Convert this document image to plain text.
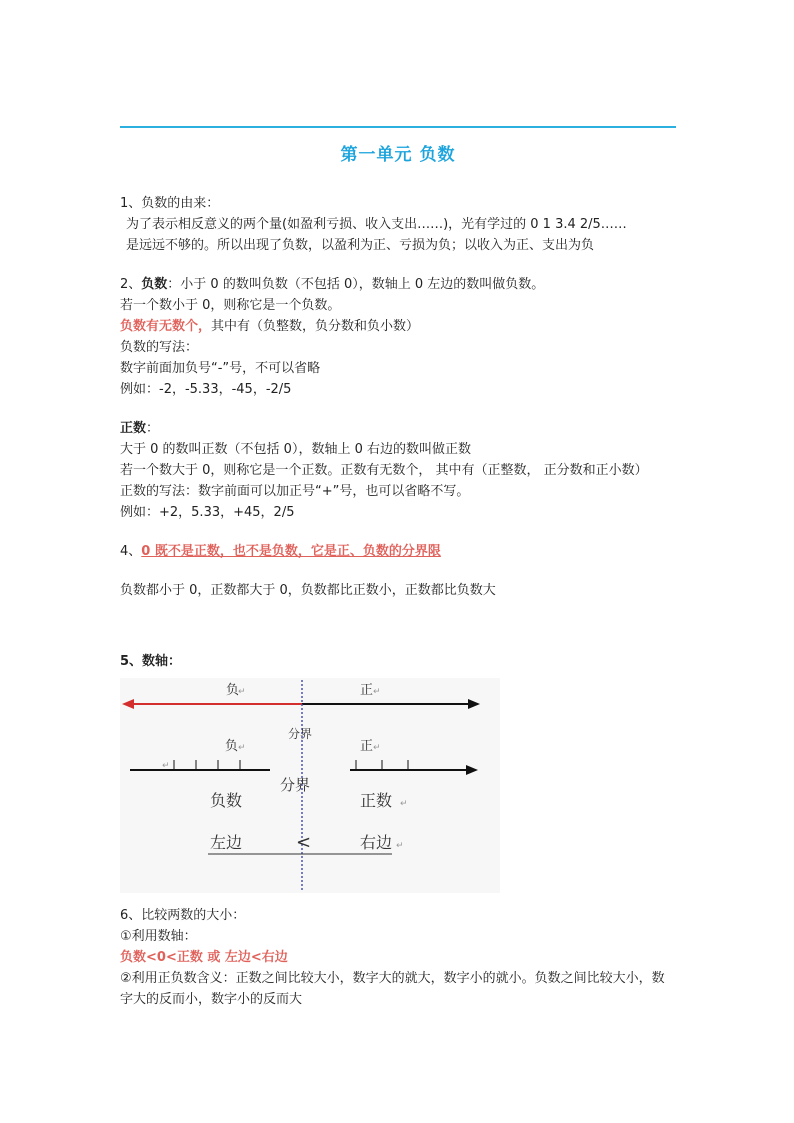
第一单元 负数
1、负数的由来：
为了表示相反意义的两个量(如盈利亏损、收入支出……)，光有学过的 0 1 3.4 2/5……
是远远不够的。所以出现了负数，以盈利为正、亏损为负；以收入为正、支出为负
2、负数：小于 0 的数叫负数（不包括 0），数轴上 0 左边的数叫做负数。
若一个数小于 0，则称它是一个负数。
负数有无数个，其中有（负整数，负分数和负小数）
负数的写法：
数字前面加负号“-”号，不可以省略
例如：-2，-5.33，-45，-2/5
正数：
大于 0 的数叫正数（不包括 0），数轴上 0 右边的数叫做正数
若一个数大于 0，则称它是一个正数。正数有无数个， 其中有（正整数， 正分数和正小数）
正数的写法：数字前面可以加正号“+”号，也可以省略不写。
例如：+2，5.33，+45，2/5
4、0 既不是正数，也不是负数，它是正、负数的分界限
负数都小于 0，正数都大于 0，负数都比正数小，正数都比负数大
5、数轴：
负
↵	正 ↵
分界
↵
负 ↵	正 ↵
分界
负数	正数 ↵
左边	<	右边 ↵
6、比较两数的大小：
①利用数轴：
负数<0<正数 或 左边<右边
②利用正负数含义：正数之间比较大小，数字大的就大，数字小的就小。负数之间比较大小，数字大的反而小，数字小的反而大
